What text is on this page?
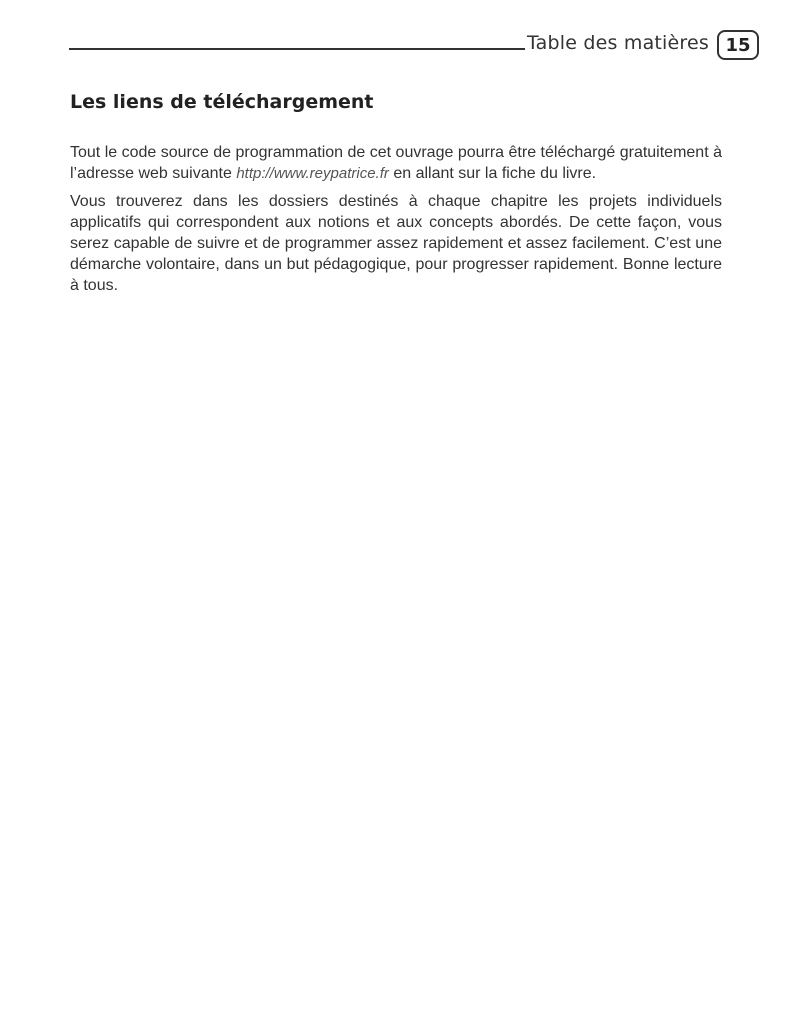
Table des matières 15
Les liens de téléchargement

Tout le code source de programmation de cet ouvrage pourra être téléchargé gratuitement à l’adresse web suivante http://www.reypatrice.fr en allant sur la fiche du livre.

Vous trouverez dans les dossiers destinés à chaque chapitre les projets individuels applicatifs qui correspondent aux notions et aux concepts abordés. De cette façon, vous serez capable de suivre et de programmer assez rapidement et assez facilement. C’est une démarche volontaire, dans un but pédagogique, pour progresser rapidement. Bonne lecture à tous.
